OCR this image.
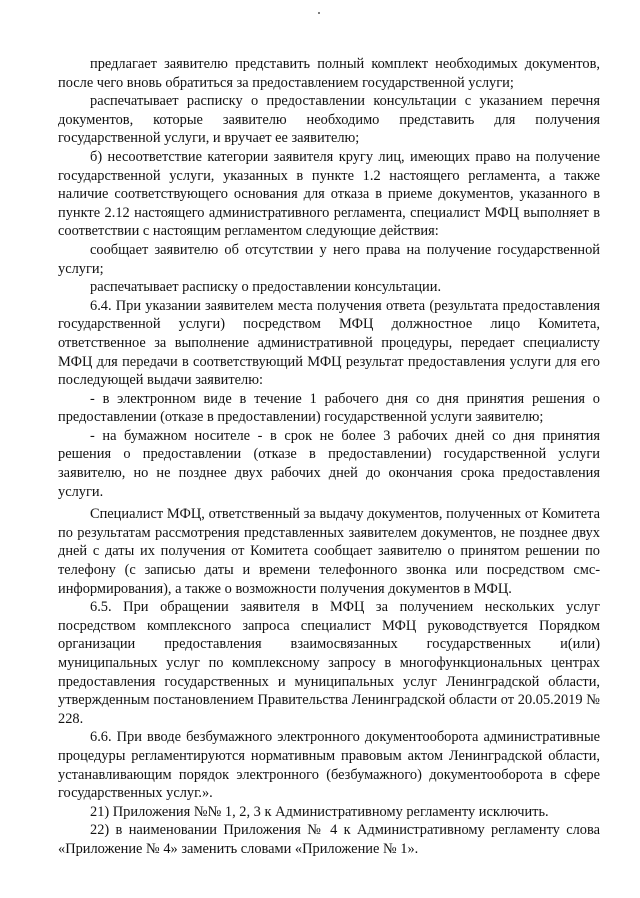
предлагает заявителю представить полный комплект необходимых документов, после чего вновь обратиться за предоставлением государственной услуги;

распечатывает расписку о предоставлении консультации с указанием перечня документов, которые заявителю необходимо представить для получения государственной услуги, и вручает ее заявителю;

б) несоответствие категории заявителя кругу лиц, имеющих право на получение государственной услуги, указанных в пункте 1.2 настоящего регламента, а также наличие соответствующего основания для отказа в приеме документов, указанного в пункте 2.12 настоящего административного регламента, специалист МФЦ выполняет в соответствии с настоящим регламентом следующие действия:

сообщает заявителю об отсутствии у него права на получение государственной услуги;

распечатывает расписку о предоставлении консультации.

6.4. При указании заявителем места получения ответа (результата предоставления государственной услуги) посредством МФЦ должностное лицо Комитета, ответственное за выполнение административной процедуры, передает специалисту МФЦ для передачи в соответствующий МФЦ результат предоставления услуги для его последующей выдачи заявителю:

- в электронном виде в течение 1 рабочего дня со дня принятия решения о предоставлении (отказе в предоставлении) государственной услуги заявителю;

- на бумажном носителе - в срок не более 3 рабочих дней со дня принятия решения о предоставлении (отказе в предоставлении) государственной услуги заявителю, но не позднее двух рабочих дней до окончания срока предоставления услуги.

Специалист МФЦ, ответственный за выдачу документов, полученных от Комитета по результатам рассмотрения представленных заявителем документов, не позднее двух дней с даты их получения от Комитета сообщает заявителю о принятом решении по телефону (с записью даты и времени телефонного звонка или посредством смс-информирования), а также о возможности получения документов в МФЦ.

6.5. При обращении заявителя в МФЦ за получением нескольких услуг посредством комплексного запроса специалист МФЦ руководствуется Порядком организации предоставления взаимосвязанных государственных и(или) муниципальных услуг по комплексному запросу в многофункциональных центрах предоставления государственных и муниципальных услуг Ленинградской области, утвержденным постановлением Правительства Ленинградской области от 20.05.2019 № 228.

6.6. При вводе безбумажного электронного документооборота административные процедуры регламентируются нормативным правовым актом Ленинградской области, устанавливающим порядок электронного (безбумажного) документооборота в сфере государственных услуг.».

21) Приложения №№ 1, 2, 3 к Административному регламенту исключить.

22) в наименовании Приложения № 4 к Административному регламенту слова «Приложение № 4» заменить словами «Приложение № 1».
